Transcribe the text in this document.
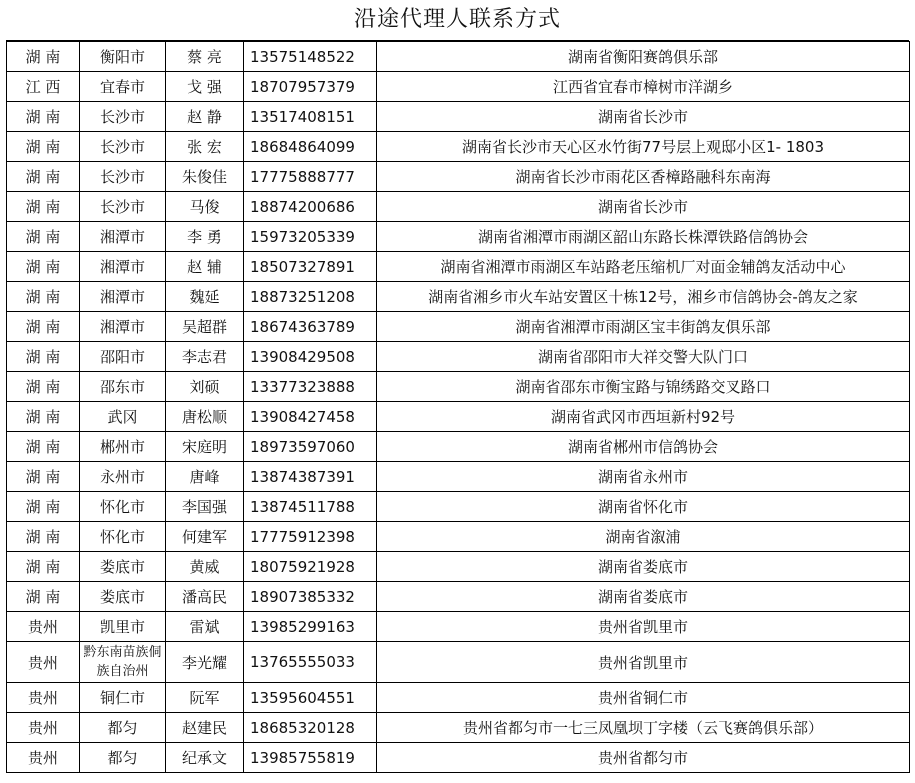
沿途代理人联系方式
湖 南	衡阳市	蔡 亮	13575148522	湖南省衡阳赛鸽俱乐部
江 西	宜春市	戈 强	18707957379	江西省宜春市樟树市洋湖乡
湖 南	长沙市	赵 静	13517408151	湖南省长沙市
湖 南	长沙市	张 宏	18684864099	湖南省长沙市天心区水竹街77号层上观邸小区1- 1803
湖 南	长沙市	朱俊佳	17775888777	湖南省长沙市雨花区香樟路融科东南海
湖 南	长沙市	马俊	18874200686	湖南省长沙市
湖 南	湘潭市	李 勇	15973205339	湖南省湘潭市雨湖区韶山东路长株潭铁路信鸽协会
湖 南	湘潭市	赵 辅	18507327891	湖南省湘潭市雨湖区车站路老压缩机厂对面金辅鸽友活动中心
湖 南	湘潭市	魏延	18873251208	湖南省湘乡市火车站安置区十栋12号，湘乡市信鸽协会-鸽友之家
湖 南	湘潭市	吴超群	18674363789	湖南省湘潭市雨湖区宝丰街鸽友俱乐部
湖 南	邵阳市	李志君	13908429508	湖南省邵阳市大祥交警大队门口
湖 南	邵东市	刘硕	13377323888	湖南省邵东市衡宝路与锦绣路交叉路口
湖 南	武冈	唐松顺	13908427458	湖南省武冈市西垣新村92号
湖 南	郴州市	宋庭明	18973597060	湖南省郴州市信鸽协会
湖 南	永州市	唐峰	13874387391	湖南省永州市
湖 南	怀化市	李国强	13874511788	湖南省怀化市
湖 南	怀化市	何建军	17775912398	湖南省溆浦
湖 南	娄底市	黄威	18075921928	湖南省娄底市
湖 南	娄底市	潘高民	18907385332	湖南省娄底市
贵州	凯里市	雷斌	13985299163	贵州省凯里市
贵州	黔东南苗族侗族自治州	李光耀	13765555033	贵州省凯里市
贵州	铜仁市	阮军	13595604551	贵州省铜仁市
贵州	都匀	赵建民	18685320128	贵州省都匀市一七三凤凰坝丁字楼（云飞赛鸽俱乐部）
贵州	都匀	纪承文	13985755819	贵州省都匀市
